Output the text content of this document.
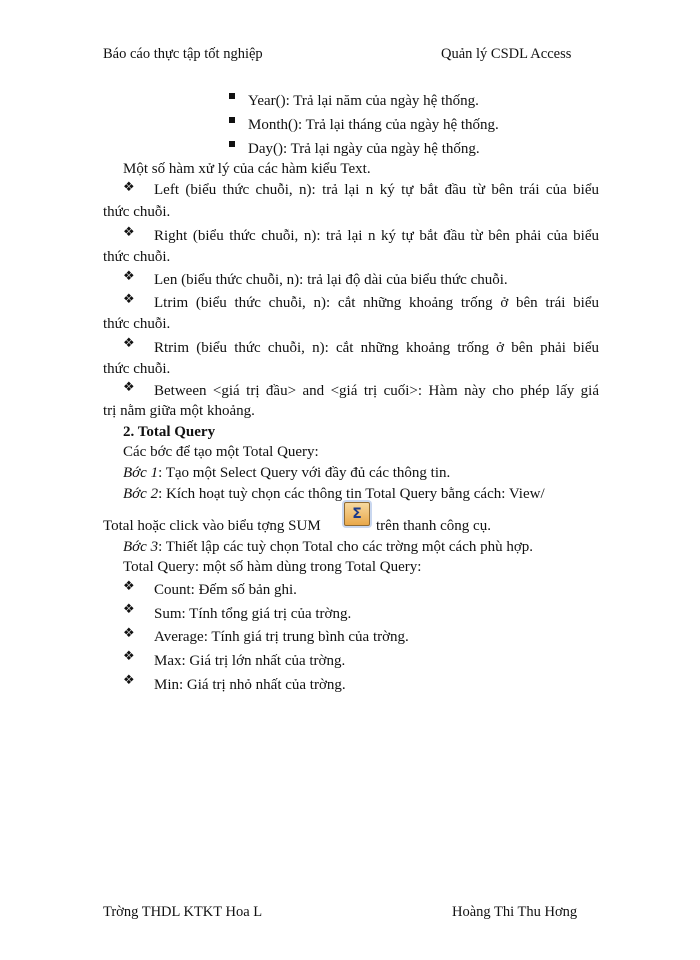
Báo cáo thực tập tốt nghiệp	Quản lý CSDL Access
Year(): Trả lại năm của ngày hệ thống.
Month(): Trả lại tháng của ngày hệ thống.
Day(): Trả lại ngày của ngày hệ thống.
Một số hàm xử lý của các hàm kiểu Text.
❖ Left (biểu thức chuỗi, n): trả lại n ký tự bắt đầu từ bên trái của biểu
thức chuỗi.
❖ Right (biểu thức chuỗi, n): trả lại n ký tự bắt đầu từ bên phải của biểu
thức chuỗi.
❖ Len (biểu thức chuỗi, n): trả lại độ dài của biểu thức chuỗi.
❖ Ltrim (biểu thức chuỗi, n): cắt những khoảng trống ở bên trái biểu
thức chuỗi.
❖ Rtrim (biểu thức chuỗi, n): cắt những khoảng trống ở bên phải biểu
thức chuỗi.
❖ Between <giá trị đầu> and <giá trị cuối>: Hàm này cho phép lấy giá
trị nằm giữa một khoảng.
2. Total Query
Các bớc để tạo một Total Query:
Bớc 1: Tạo một Select Query với đầy đủ các thông tin.
Bớc 2: Kích hoạt tuỳ chọn các thông tin Total Query bằng cách: View/
Total hoặc click vào biểu tợng SUM
Σ
trên thanh công cụ.
Bớc 3: Thiết lập các tuỳ chọn Total cho các trờng một cách phù hợp.
Total Query: một số hàm dùng trong Total Query:
❖ Count: Đếm số bản ghi.
❖ Sum: Tính tổng giá trị của trờng.
❖ Average: Tính giá trị trung bình của trờng.
❖ Max: Giá trị lớn nhất của trờng.
❖ Min: Giá trị nhỏ nhất của trờng.
Trờng THDL KTKT Hoa L	Hoàng Thi Thu Hơng
